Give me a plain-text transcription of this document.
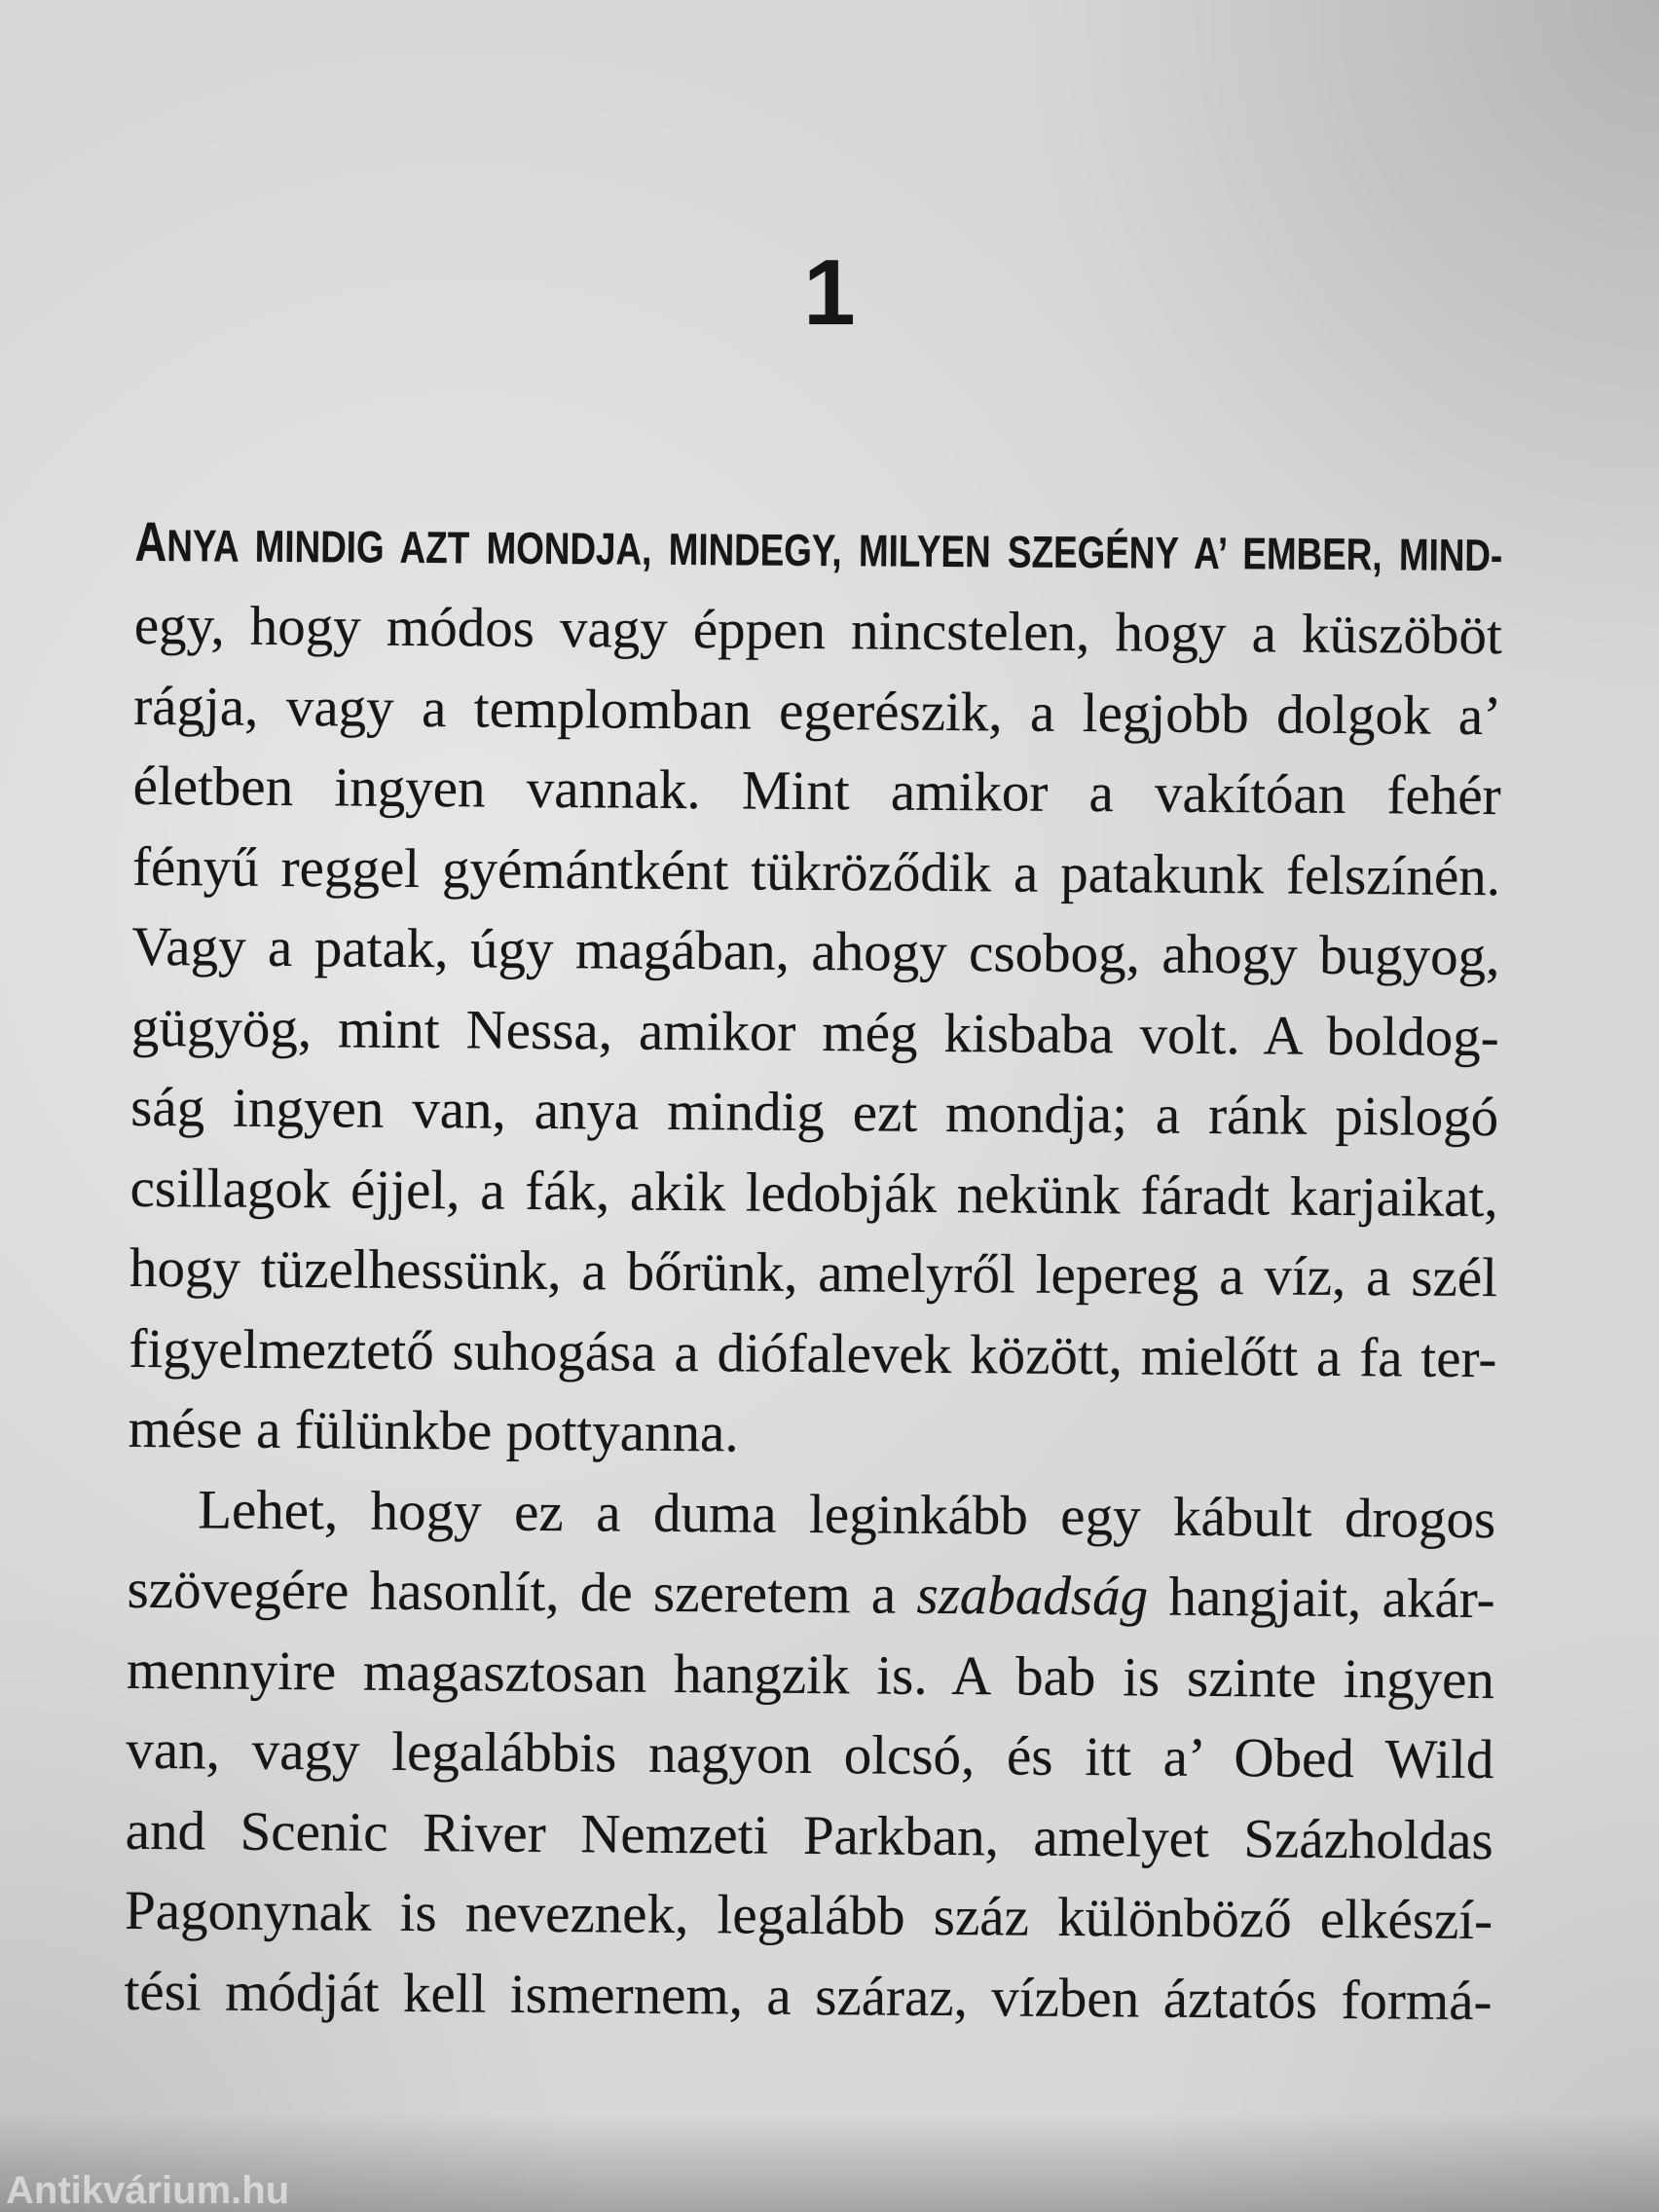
1
ANYA MINDIG AZT MONDJA, MINDEGY, MILYEN SZEGÉNY A’ EMBER, MIND-
egy, hogy módos vagy éppen nincstelen, hogy a küszöböt
rágja, vagy a templomban egerészik, a legjobb dolgok a’
életben ingyen vannak. Mint amikor a vakítóan fehér
fényű reggel gyémántként tükröződik a patakunk felszínén.
Vagy a patak, úgy magában, ahogy csobog, ahogy bugyog,
gügyög, mint Nessa, amikor még kisbaba volt. A boldog-
ság ingyen van, anya mindig ezt mondja; a ránk pislogó
csillagok éjjel, a fák, akik ledobják nekünk fáradt karjaikat,
hogy tüzelhessünk, a bőrünk, amelyről lepereg a víz, a szél
figyelmeztető suhogása a diófalevek között, mielőtt a fa ter-
mése a fülünkbe pottyanna.
Lehet, hogy ez a duma leginkább egy kábult drogos
szövegére hasonlít, de szeretem a szabadság hangjait, akár-
mennyire magasztosan hangzik is. A bab is szinte ingyen
van, vagy legalábbis nagyon olcsó, és itt a’ Obed Wild
and Scenic River Nemzeti Parkban, amelyet Százholdas
Pagonynak is neveznek, legalább száz különböző elkészí-
tési módját kell ismernem, a száraz, vízben áztatós formá-
Antikvárium.hu
